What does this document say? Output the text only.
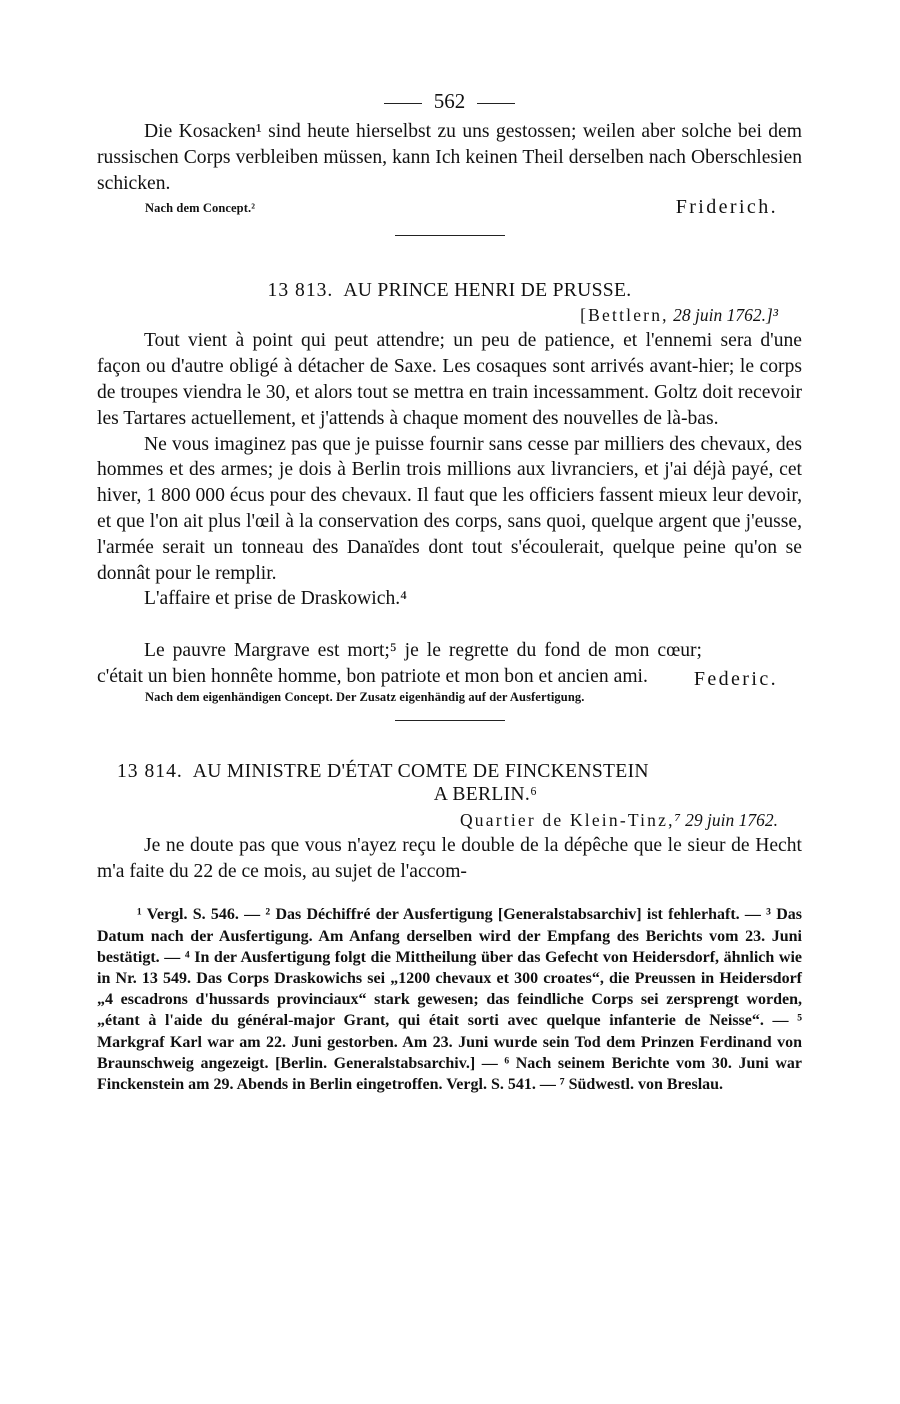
562

Die Kosacken¹ sind heute hierselbst zu uns gestossen; weilen aber solche bei dem russischen Corps verbleiben müssen, kann Ich keinen Theil derselben nach Oberschlesien schicken.

Nach dem Concept.²	Friderich.

13 813. AU PRINCE HENRI DE PRUSSE.

[Bettlern, 28 juin 1762.]³

Tout vient à point qui peut attendre; un peu de patience, et l'ennemi sera d'une façon ou d'autre obligé à détacher de Saxe. Les cosaques sont arrivés avant-hier; le corps de troupes viendra le 30, et alors tout se mettra en train incessamment. Goltz doit recevoir les Tartares actuellement, et j'attends à chaque moment des nouvelles de là-bas.

Ne vous imaginez pas que je puisse fournir sans cesse par milliers des chevaux, des hommes et des armes; je dois à Berlin trois millions aux livranciers, et j'ai déjà payé, cet hiver, 1 800 000 écus pour des chevaux. Il faut que les officiers fassent mieux leur devoir, et que l'on ait plus l'œil à la conservation des corps, sans quoi, quelque argent que j'eusse, l'armée serait un tonneau des Danaïdes dont tout s'écoulerait, quelque peine qu'on se donnât pour le remplir.

L'affaire et prise de Draskowich.⁴

Le pauvre Margrave est mort;⁵ je le regrette du fond de mon cœur; c'était un bien honnête homme, bon patriote et mon bon et ancien ami.	Federic.
Nach dem eigenhändigen Concept. Der Zusatz eigenhändig auf der Ausfertigung.

13 814. AU MINISTRE D'ÉTAT COMTE DE FINCKENSTEIN

A BERLIN.⁶

Quartier de Klein-Tinz,⁷ 29 juin 1762.

Je ne doute pas que vous n'ayez reçu le double de la dépêche que le sieur de Hecht m'a faite du 22 de ce mois, au sujet de l'accom-

¹ Vergl. S. 546. — ² Das Déchiffré der Ausfertigung [Generalstabsarchiv] ist fehlerhaft. — ³ Das Datum nach der Ausfertigung. Am Anfang derselben wird der Empfang des Berichts vom 23. Juni bestätigt. — ⁴ In der Ausfertigung folgt die Mittheilung über das Gefecht von Heidersdorf, ähnlich wie in Nr. 13 549. Das Corps Draskowichs sei „1200 chevaux et 300 croates“, die Preussen in Heidersdorf „4 escadrons d'hussards provinciaux“ stark gewesen; das feindliche Corps sei zersprengt worden, „étant à l'aide du général-major Grant, qui était sorti avec quelque infanterie de Neisse“. — ⁵ Markgraf Karl war am 22. Juni gestorben. Am 23. Juni wurde sein Tod dem Prinzen Ferdinand von Braunschweig angezeigt. [Berlin. Generalstabsarchiv.] — ⁶ Nach seinem Berichte vom 30. Juni war Finckenstein am 29. Abends in Berlin eingetroffen. Vergl. S. 541. — ⁷ Südwestl. von Breslau.
